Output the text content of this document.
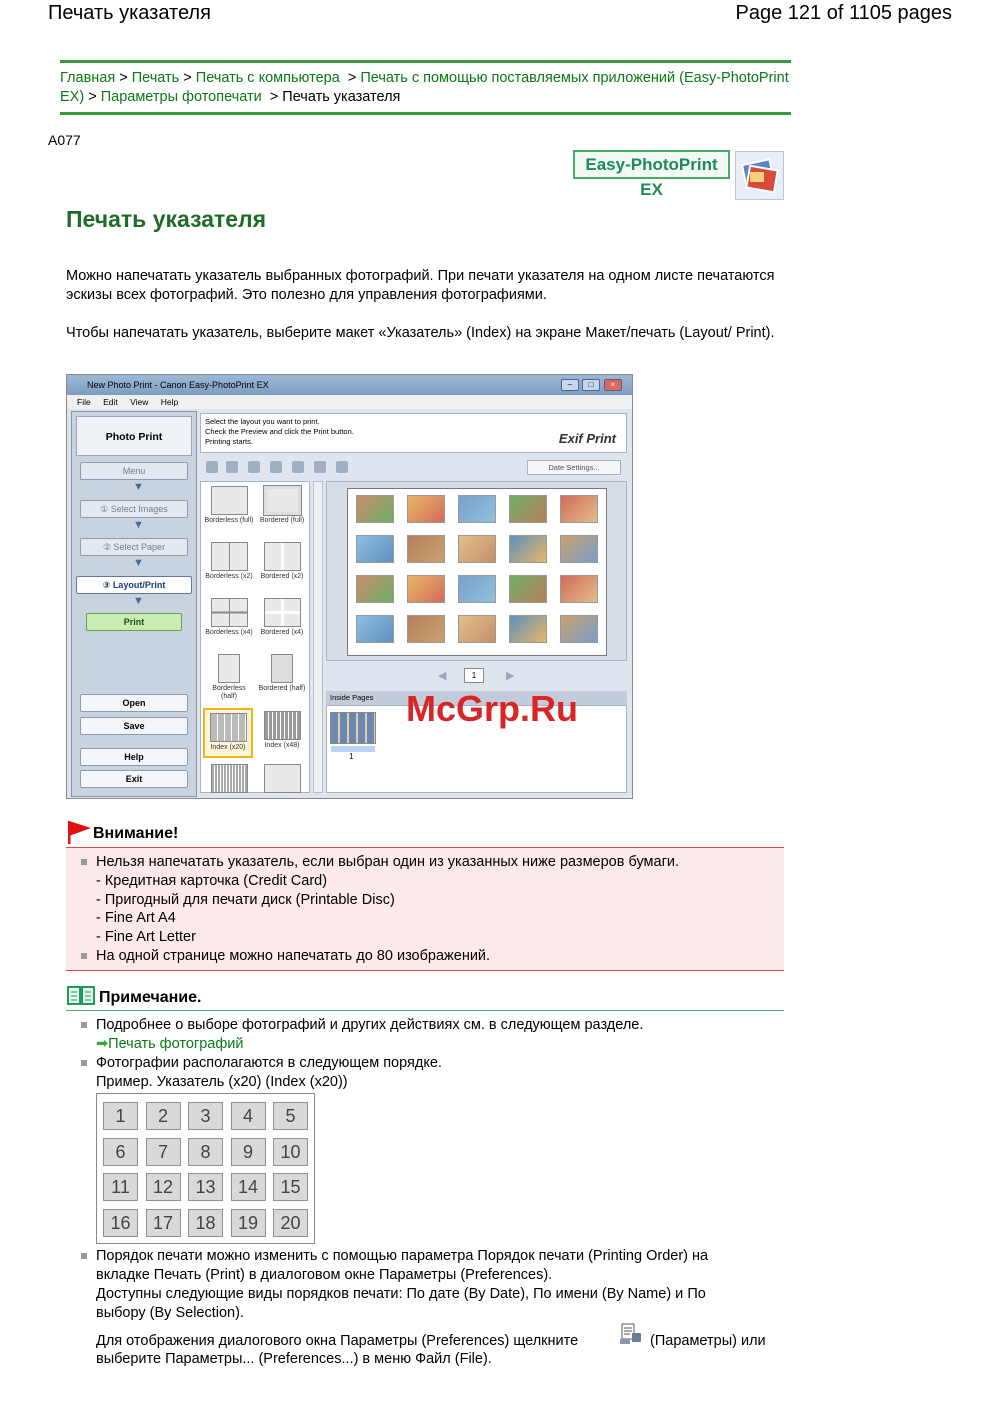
Печать указателя	Page 121 of 1105 pages
Главная > Печать > Печать с компьютера > Печать с помощью поставляемых приложений (Easy-PhotoPrint EX) > Параметры фотопечати > Печать указателя
A077
Easy-PhotoPrint EX
Печать указателя
Можно напечатать указатель выбранных фотографий. При печати указателя на одном листе печатаются эскизы всех фотографий. Это полезно для управления фотографиями.
Чтобы напечатать указатель, выберите макет «Указатель» (Index) на экране Макет/печать (Layout/ Print).
New Photo Print - Canon Easy-PhotoPrint EX	–	□	×
File Edit View Help
Photo Print
Menu
▼
① Select Images
▼
② Select Paper
▼
③ Layout/Print
▼
Print
Open
Save
Help
Exit
Select the layout you want to print.
Check the Preview and click the Print button.
Printing starts.	Exif Print
Date Settings...
Borderless (full) Bordered (full)
Borderless (x2)	Bordered (x2)
Borderless (x4)	Bordered (x4)
Borderless (half)
Bordered (half)
Index (x20)	Index (x48)
◀	1	▶
Inside Pages
1
McGrp.Ru
Внимание!
Нельзя напечатать указатель, если выбран один из указанных ниже размеров бумаги.
- Кредитная карточка (Credit Card)
- Пригодный для печати диск (Printable Disc)
- Fine Art A4
- Fine Art Letter
На одной странице можно напечатать до 80 изображений.
Примечание.
Подробнее о выборе фотографий и других действиях см. в следующем разделе.
➡Печать фотографий
Фотографии располагаются в следующем порядке.
Пример. Указатель (x20) (Index (x20))
1	2	3	4	5
6	7	8	9	10
11	12	13	14	15
16	17	18	19	20
Порядок печати можно изменить с помощью параметра Порядок печати (Printing Order) на
вкладке Печать (Print) в диалоговом окне Параметры (Preferences).
Доступны следующие виды порядков печати: По дате (By Date), По имени (By Name) и По
выбору (By Selection).
Для отображения диалогового окна Параметры (Preferences) щелкните	(Параметры) или
выберите Параметры... (Preferences...) в меню Файл (File).
